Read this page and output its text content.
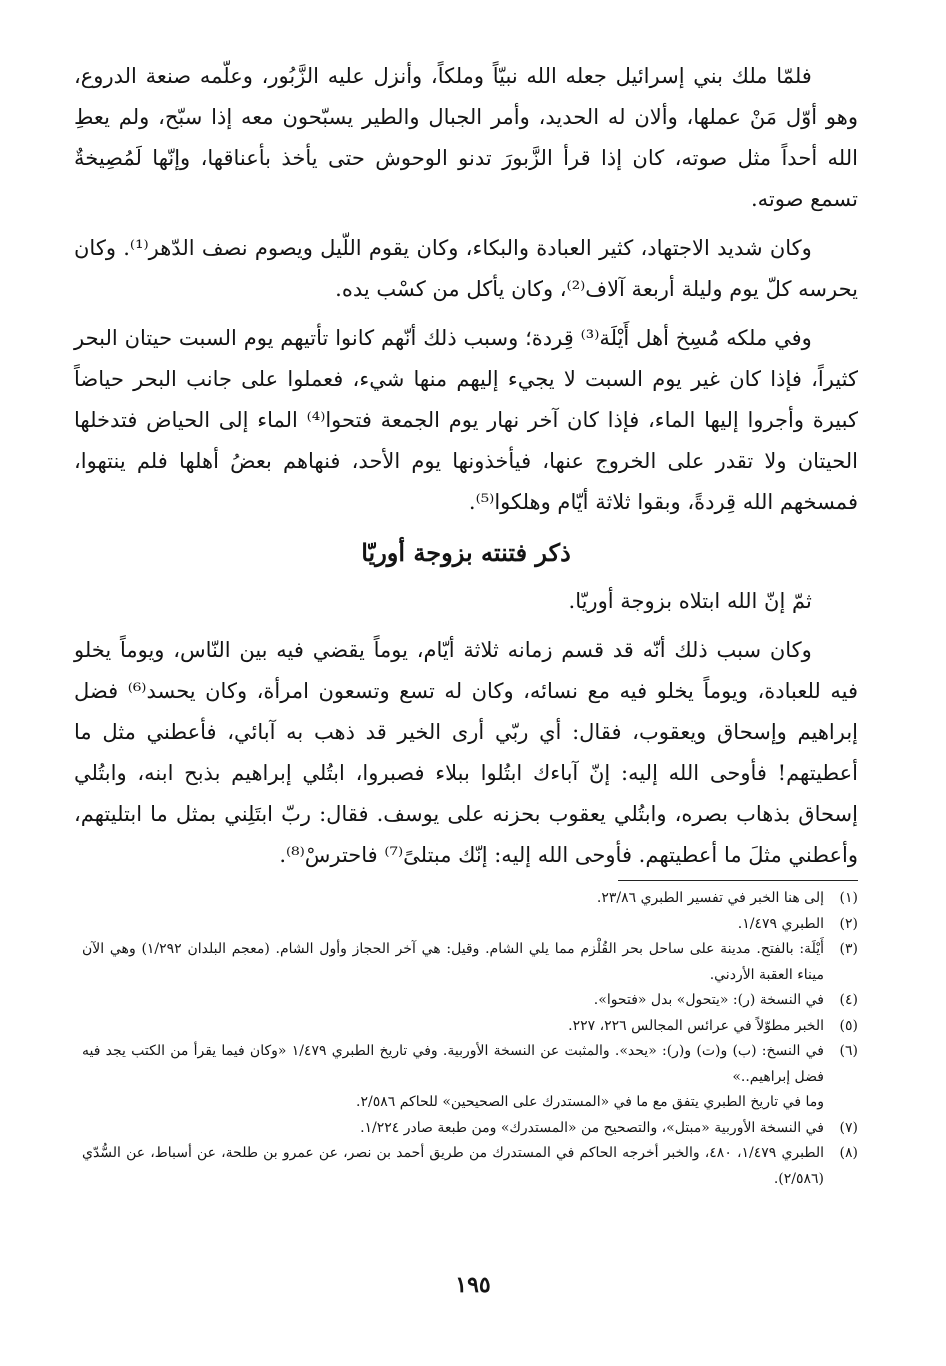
فلمّا ملك بني إسرائيل جعله الله نبيّاً وملكاً، وأنزل عليه الزَّبُور، وعلّمه صنعة الدروع، وهو أوّل مَنْ عملها، وألان له الحديد، وأمر الجبال والطير يسبّحون معه إذا سبّح، ولم يعطِ الله أحداً مثل صوته، كان إذا قرأ الزَّبورَ تدنو الوحوش حتى يأخذ بأعناقها، وإنّها لَمُصِيخةٌ تسمع صوته.

وكان شديد الاجتهاد، كثير العبادة والبكاء، وكان يقوم اللّيل ويصوم نصف الدّهر⁽¹⁾. وكان يحرسه كلّ يوم وليلة أربعة آلاف⁽²⁾، وكان يأكل من كسْب يده.

وفي ملكه مُسِخ أهل أَيْلَة⁽³⁾ قِردة؛ وسبب ذلك أنّهم كانوا تأتيهم يوم السبت حيتان البحر كثيراً، فإذا كان غير يوم السبت لا يجيء إليهم منها شيء، فعملوا على جانب البحر حياضاً كبيرة وأجروا إليها الماء، فإذا كان آخر نهار يوم الجمعة فتحوا⁽⁴⁾ الماء إلى الحياض فتدخلها الحيتان ولا تقدر على الخروج عنها، فيأخذونها يوم الأحد، فنهاهم بعضُ أهلها فلم ينتهوا، فمسخهم الله قِردةً، وبقوا ثلاثة أيّام وهلكوا⁽⁵⁾.

ذكر فتنته بزوجة أوريّا

ثمّ إنّ الله ابتلاه بزوجة أوريّا.

وكان سبب ذلك أنّه قد قسم زمانه ثلاثة أيّام، يوماً يقضي فيه بين النّاس، ويوماً يخلو فيه للعبادة، ويوماً يخلو فيه مع نسائه، وكان له تسع وتسعون امرأة، وكان يحسد⁽⁶⁾ فضل إبراهيم وإسحاق ويعقوب، فقال: أي ربّي أرى الخير قد ذهب به آبائي، فأعطني مثل ما أعطيتهم! فأوحى الله إليه: إنّ آباءك ابتُلوا ببلاء فصبروا، ابتُلي إبراهيم بذبح ابنه، وابتُلي إسحاق بذهاب بصره، وابتُلي يعقوب بحزنه على يوسف. فقال: ربّ ابتَلِني بمثل ما ابتليتهم، وأعطني مثلَ ما أعطيتهم. فأوحى الله إليه: إنّك مبتلىً⁽⁷⁾ فاحترسْ⁽⁸⁾.

(١)
إلى هنا الخبر في تفسير الطبري ٢٣/٨٦.
(٢)
الطبري ١/٤٧٩.
(٣)
أَيْلَة: بالفتح. مدينة على ساحل بحر القُلْزم مما يلي الشام. وقيل: هي آخر الحجاز وأول الشام. (معجم البلدان ١/٢٩٢) وهي الآن ميناء العقبة الأردني.
(٤)
في النسخة (ر): «يتحول» بدل «فتحوا».
(٥)
الخبر مطوّلاً في عرائس المجالس ٢٢٦، ٢٢٧.
(٦)
في النسخ: (ب) و(ت) و(ر): «يحد». والمثبت عن النسخة الأوربية. وفي تاريخ الطبري ١/٤٧٩ «وكان فيما يقرأ من الكتب يجد فيه فضل إبراهيم..»
وما في تاريخ الطبري يتفق مع ما في «المستدرك على الصحيحين» للحاكم ٢/٥٨٦.
(٧)
في النسخة الأوربية «مبتل»، والتصحيح من «المستدرك» ومن طبعة صادر ١/٢٢٤.
(٨)
الطبري ١/٤٧٩، ٤٨٠، والخبر أخرجه الحاكم في المستدرك من طريق أحمد بن نصر، عن عمرو بن طلحة، عن أسباط، عن السُّدّي (٢/٥٨٦).
١٩٥
